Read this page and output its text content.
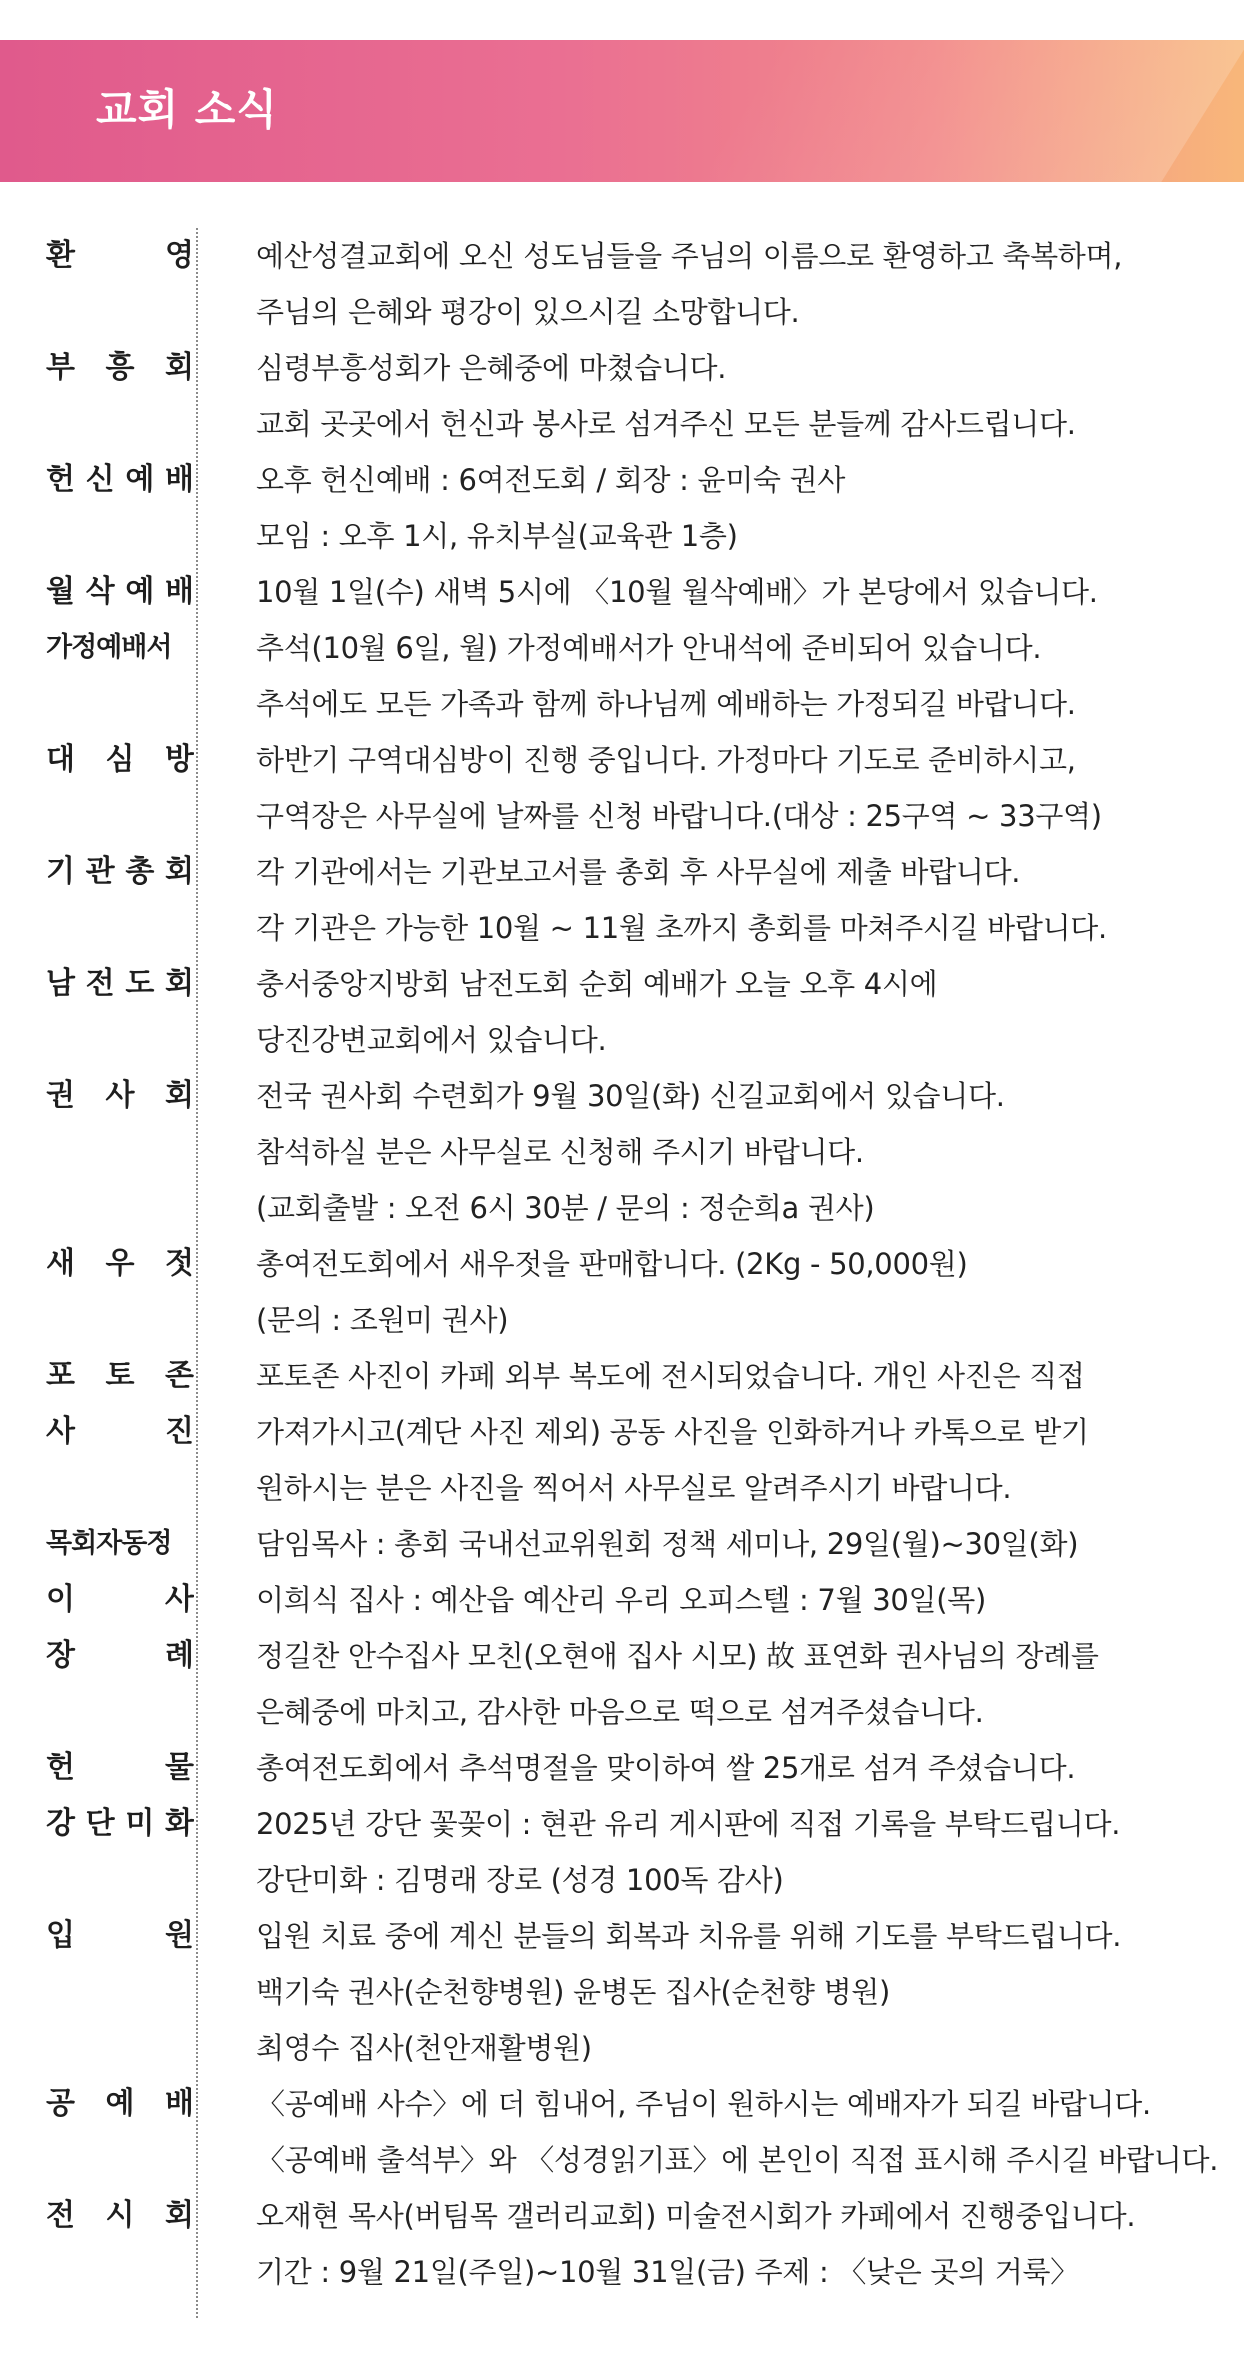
교회 소식
환 영 예산성결교회에 오신 성도님들을 주님의 이름으로 환영하고 축복하며,
주님의 은혜와 평강이 있으시길 소망합니다.
부 흥 회 심령부흥성회가 은혜중에 마쳤습니다.
교회 곳곳에서 헌신과 봉사로 섬겨주신 모든 분들께 감사드립니다.
헌 신 예 배 오후 헌신예배 : 6여전도회 / 회장 : 윤미숙 권사
모임 : 오후 1시, 유치부실(교육관 1층)
월 삭 예 배 10월 1일(수) 새벽 5시에 〈10월 월삭예배〉가 본당에서 있습니다.
가정예배서	추석(10월 6일, 월) 가정예배서가 안내석에 준비되어 있습니다.
추석에도 모든 가족과 함께 하나님께 예배하는 가정되길 바랍니다.
대 심 방 하반기 구역대심방이 진행 중입니다. 가정마다 기도로 준비하시고,
구역장은 사무실에 날짜를 신청 바랍니다.(대상 : 25구역 ~ 33구역)
기 관 총 회 각 기관에서는 기관보고서를 총회 후 사무실에 제출 바랍니다.
각 기관은 가능한 10월 ~ 11월 초까지 총회를 마쳐주시길 바랍니다.
남 전 도 회 충서중앙지방회 남전도회 순회 예배가 오늘 오후 4시에
당진강변교회에서 있습니다.
권 사 회 전국 권사회 수련회가 9월 30일(화) 신길교회에서 있습니다.
참석하실 분은 사무실로 신청해 주시기 바랍니다.
(교회출발 : 오전 6시 30분 / 문의 : 정순희a 권사)
새 우 젓 총여전도회에서 새우젓을 판매합니다. (2Kg - 50,000원)
(문의 : 조원미 권사)
포 토 존 포토존 사진이 카페 외부 복도에 전시되었습니다. 개인 사진은 직접
사 진 가져가시고(계단 사진 제외) 공동 사진을 인화하거나 카톡으로 받기
원하시는 분은 사진을 찍어서 사무실로 알려주시기 바랍니다.
목회자동정	담임목사 : 총회 국내선교위원회 정책 세미나, 29일(월)~30일(화)
이 사 이희식 집사 : 예산읍 예산리 우리 오피스텔 : 7월 30일(목)
장 례 정길찬 안수집사 모친(오현애 집사 시모) 故 표연화 권사님의 장례를
은혜중에 마치고, 감사한 마음으로 떡으로 섬겨주셨습니다.
헌 물 총여전도회에서 추석명절을 맞이하여 쌀 25개로 섬겨 주셨습니다.
강 단 미 화 2025년 강단 꽃꽂이 : 현관 유리 게시판에 직접 기록을 부탁드립니다.
강단미화 : 김명래 장로 (성경 100독 감사)
입 원 입원 치료 중에 계신 분들의 회복과 치유를 위해 기도를 부탁드립니다.
백기숙 권사(순천향병원) 윤병돈 집사(순천향 병원)
최영수 집사(천안재활병원)
공 예 배 〈공예배 사수〉에 더 힘내어, 주님이 원하시는 예배자가 되길 바랍니다.
〈공예배 출석부〉와 〈성경읽기표〉에 본인이 직접 표시해 주시길 바랍니다.
전 시 회 오재현 목사(버팀목 갤러리교회) 미술전시회가 카페에서 진행중입니다.
기간 : 9월 21일(주일)~10월 31일(금) 주제 : 〈낮은 곳의 거룩〉
